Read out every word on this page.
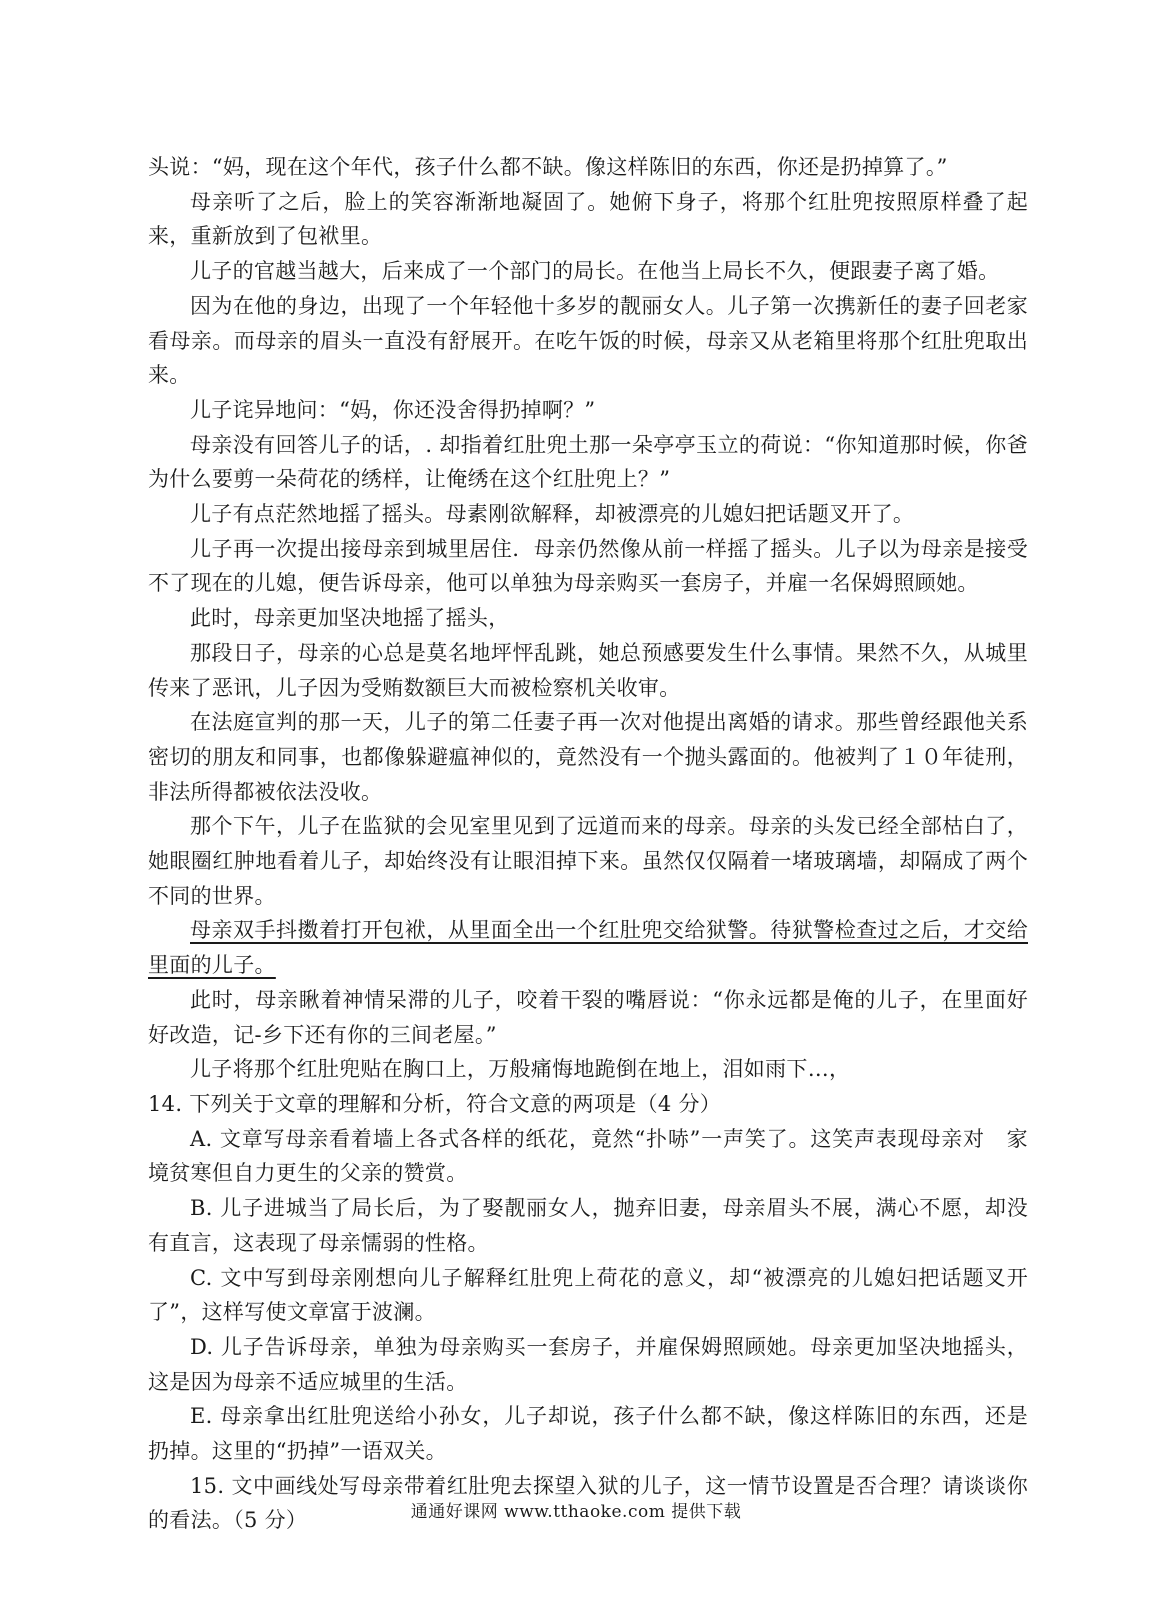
头说：“妈，现在这个年代，孩子什么都不缺。像这样陈旧的东西，你还是扔掉算了。”

母亲听了之后，脸上的笑容渐渐地凝固了。她俯下身子，将那个红肚兜按照原样叠了起来，重新放到了包袱里。

儿子的官越当越大，后来成了一个部门的局长。在他当上局长不久，便跟妻子离了婚。

因为在他的身边，出现了一个年轻他十多岁的靓丽女人。儿子第一次携新任的妻子回老家看母亲。而母亲的眉头一直没有舒展开。在吃午饭的时候，母亲又从老箱里将那个红肚兜取出来。

儿子诧异地问：“妈，你还没舍得扔掉啊？”

母亲没有回答儿子的话，. 却指着红肚兜土那一朵亭亭玉立的荷说：“你知道那时候，你爸为什么要剪一朵荷花的绣样，让俺绣在这个红肚兜上？”

儿子有点茫然地摇了摇头。母素刚欲解释，却被漂亮的儿媳妇把话题叉开了。

儿子再一次提出接母亲到城里居住．母亲仍然像从前一样摇了摇头。儿子以为母亲是接受不了现在的儿媳，便告诉母亲，他可以单独为母亲购买一套房子，并雇一名保姆照顾她。

此时，母亲更加坚决地摇了摇头，

那段日子，母亲的心总是莫名地坪怦乱跳，她总预感要发生什么事情。果然不久，从城里传来了恶讯，儿子因为受贿数额巨大而被检察机关收审。

在法庭宣判的那一天，儿子的第二任妻子再一次对他提出离婚的请求。那些曾经跟他关系密切的朋友和同事，也都像躲避瘟神似的，竟然没有一个抛头露面的。他被判了１０年徒刑，非法所得都被依法没收。

那个下午，儿子在监狱的会见室里见到了远道而来的母亲。母亲的头发已经全部枯白了，她眼圈红肿地看着儿子，却始终没有让眼泪掉下来。虽然仅仅隔着一堵玻璃墙，却隔成了两个不同的世界。

母亲双手抖擞着打开包袱，从里面全出一个红肚兜交给狱警。待狱警检查过之后，才交给里面的儿子。

此时，母亲瞅着神情呆滞的儿子，咬着干裂的嘴唇说：“你永远都是俺的儿子，在里面好好改造，记-乡下还有你的三间老屋。”

儿子将那个红肚兜贴在胸口上，万般痛悔地跪倒在地上，泪如雨下…，

14. 下列关于文章的理解和分析，符合文意的两项是（4 分）

A. 文章写母亲看着墙上各式各样的纸花，竟然“扑哧”一声笑了。这笑声表现母亲对　家境贫寒但自力更生的父亲的赞赏。

B. 儿子进城当了局长后，为了娶靓丽女人，抛弃旧妻，母亲眉头不展，满心不愿，却没有直言，这表现了母亲懦弱的性格。

C. 文中写到母亲刚想向儿子解释红肚兜上荷花的意义，却“被漂亮的儿媳妇把话题叉开了”，这样写使文章富于波澜。

D. 儿子告诉母亲，单独为母亲购买一套房子，并雇保姆照顾她。母亲更加坚决地摇头，这是因为母亲不适应城里的生活。

E. 母亲拿出红肚兜送给小孙女，儿子却说，孩子什么都不缺，像这样陈旧的东西，还是扔掉。这里的“扔掉”一语双关。

15. 文中画线处写母亲带着红肚兜去探望入狱的儿子，这一情节设置是否合理？请谈谈你的看法。（5 分）	通通好课网 www.tthaoke.com 提供下载
